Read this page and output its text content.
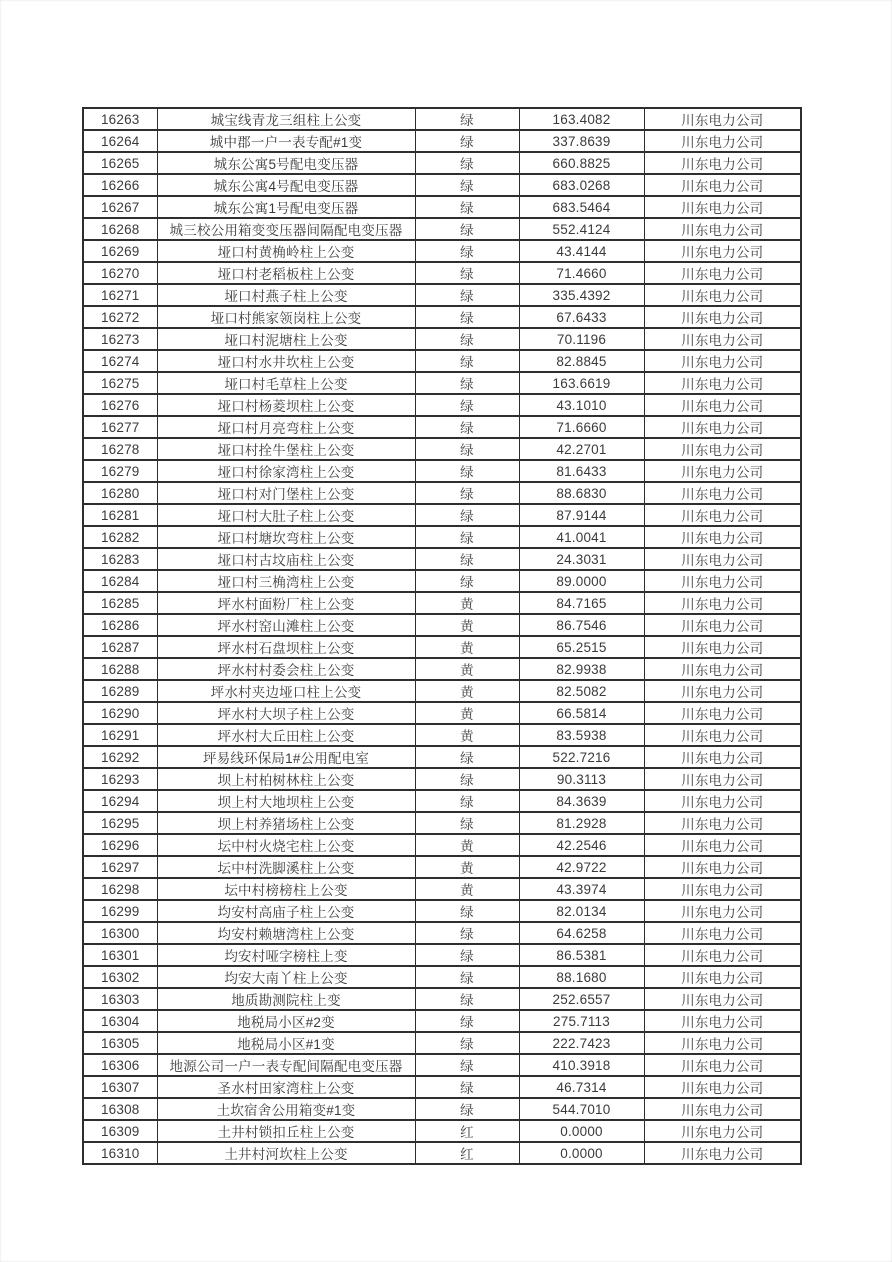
16263	城宝线青龙三组柱上公变	绿	163.4082	川东电力公司
16264	城中郡一户一表专配#1变	绿	337.8639	川东电力公司
16265	城东公寓5号配电变压器	绿	660.8825	川东电力公司
16266	城东公寓4号配电变压器	绿	683.0268	川东电力公司
16267	城东公寓1号配电变压器	绿	683.5464	川东电力公司
16268	城三校公用箱变变压器间隔配电变压器	绿	552.4124	川东电力公司
16269	垭口村黄桷岭柱上公变	绿	43.4144	川东电力公司
16270	垭口村老稻板柱上公变	绿	71.4660	川东电力公司
16271	垭口村燕子柱上公变	绿	335.4392	川东电力公司
16272	垭口村熊家领岗柱上公变	绿	67.6433	川东电力公司
16273	垭口村泥塘柱上公变	绿	70.1196	川东电力公司
16274	垭口村水井坎柱上公变	绿	82.8845	川东电力公司
16275	垭口村毛草柱上公变	绿	163.6619	川东电力公司
16276	垭口村杨菱坝柱上公变	绿	43.1010	川东电力公司
16277	垭口村月亮弯柱上公变	绿	71.6660	川东电力公司
16278	垭口村拴牛堡柱上公变	绿	42.2701	川东电力公司
16279	垭口村徐家湾柱上公变	绿	81.6433	川东电力公司
16280	垭口村对门堡柱上公变	绿	88.6830	川东电力公司
16281	垭口村大肚子柱上公变	绿	87.9144	川东电力公司
16282	垭口村塘坎弯柱上公变	绿	41.0041	川东电力公司
16283	垭口村古坟庙柱上公变	绿	24.3031	川东电力公司
16284	垭口村三桷湾柱上公变	绿	89.0000	川东电力公司
16285	坪水村面粉厂柱上公变	黄	84.7165	川东电力公司
16286	坪水村窑山滩柱上公变	黄	86.7546	川东电力公司
16287	坪水村石盘坝柱上公变	黄	65.2515	川东电力公司
16288	坪水村村委会柱上公变	黄	82.9938	川东电力公司
16289	坪水村夹边垭口柱上公变	黄	82.5082	川东电力公司
16290	坪水村大坝子柱上公变	黄	66.5814	川东电力公司
16291	坪水村大丘田柱上公变	黄	83.5938	川东电力公司
16292	坪易线环保局1#公用配电室	绿	522.7216	川东电力公司
16293	坝上村柏树林柱上公变	绿	90.3113	川东电力公司
16294	坝上村大地坝柱上公变	绿	84.3639	川东电力公司
16295	坝上村养猪场柱上公变	绿	81.2928	川东电力公司
16296	坛中村火烧宅柱上公变	黄	42.2546	川东电力公司
16297	坛中村洗脚溪柱上公变	黄	42.9722	川东电力公司
16298	坛中村榜榜柱上公变	黄	43.3974	川东电力公司
16299	均安村高庙子柱上公变	绿	82.0134	川东电力公司
16300	均安村赖塘湾柱上公变	绿	64.6258	川东电力公司
16301	均安村哑字榜柱上变	绿	86.5381	川东电力公司
16302	均安大南丫柱上公变	绿	88.1680	川东电力公司
16303	地质勘测院柱上变	绿	252.6557	川东电力公司
16304	地税局小区#2变	绿	275.7113	川东电力公司
16305	地税局小区#1变	绿	222.7423	川东电力公司
16306	地源公司一户一表专配间隔配电变压器	绿	410.3918	川东电力公司
16307	圣水村田家湾柱上公变	绿	46.7314	川东电力公司
16308	土坎宿舍公用箱变#1变	绿	544.7010	川东电力公司
16309	土井村锁扣丘柱上公变	红	0.0000	川东电力公司
16310	土井村河坎柱上公变	红	0.0000	川东电力公司
